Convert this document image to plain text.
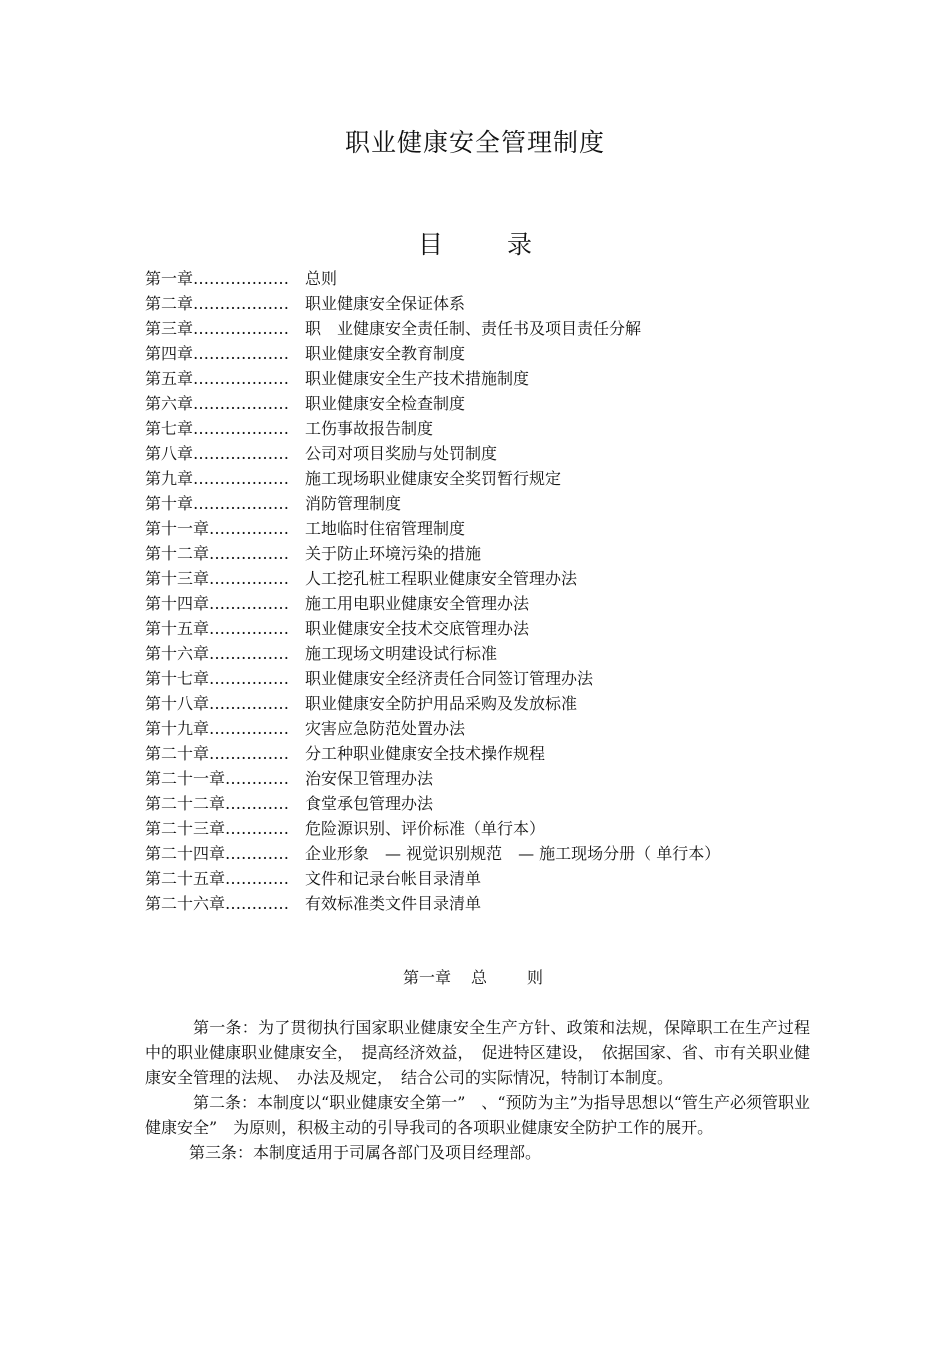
职业健康安全管理制度
目	录
第一章……………… 总则
第二章……………… 职业健康安全保证体系
第三章……………… 职　业健康安全责任制、责任书及项目责任分解
第四章……………… 职业健康安全教育制度
第五章……………… 职业健康安全生产技术措施制度
第六章……………… 职业健康安全检查制度
第七章……………… 工伤事故报告制度
第八章……………… 公司对项目奖励与处罚制度
第九章……………… 施工现场职业健康安全奖罚暂行规定
第十章……………… 消防管理制度
第十一章…………… 工地临时住宿管理制度
第十二章…………… 关于防止环境污染的措施
第十三章…………… 人工挖孔桩工程职业健康安全管理办法
第十四章…………… 施工用电职业健康安全管理办法
第十五章…………… 职业健康安全技术交底管理办法
第十六章…………… 施工现场文明建设试行标准
第十七章…………… 职业健康安全经济责任合同签订管理办法
第十八章…………… 职业健康安全防护用品采购及发放标准
第十九章…………… 灾害应急防范处置办法
第二十章…………… 分工种职业健康安全技术操作规程
第二十一章………… 治安保卫管理办法
第二十二章………… 食堂承包管理办法
第二十三章………… 危险源识别、评价标准（单行本）
第二十四章………… 企业形象　— 视觉识别规范　— 施工现场分册（ 单行本）
第二十五章………… 文件和记录台帐目录清单
第二十六章………… 有效标准类文件目录清单
第一章 总	则

第一条：为了贯彻执行国家职业健康安全生产方针、政策和法规，保障职工在生产过程中的职业健康职业健康安全，　提高经济效益，　促进特区建设，　依据国家、省、市有关职业健康安全管理的法规、　办法及规定，　结合公司的实际情况，特制订本制度。

第二条：本制度以“职业健康安全第一”　、“预防为主”为指导思想以“管生产必须管职业健康安全”　为原则，积极主动的引导我司的各项职业健康安全防护工作的展开。

第三条：本制度适用于司属各部门及项目经理部。
